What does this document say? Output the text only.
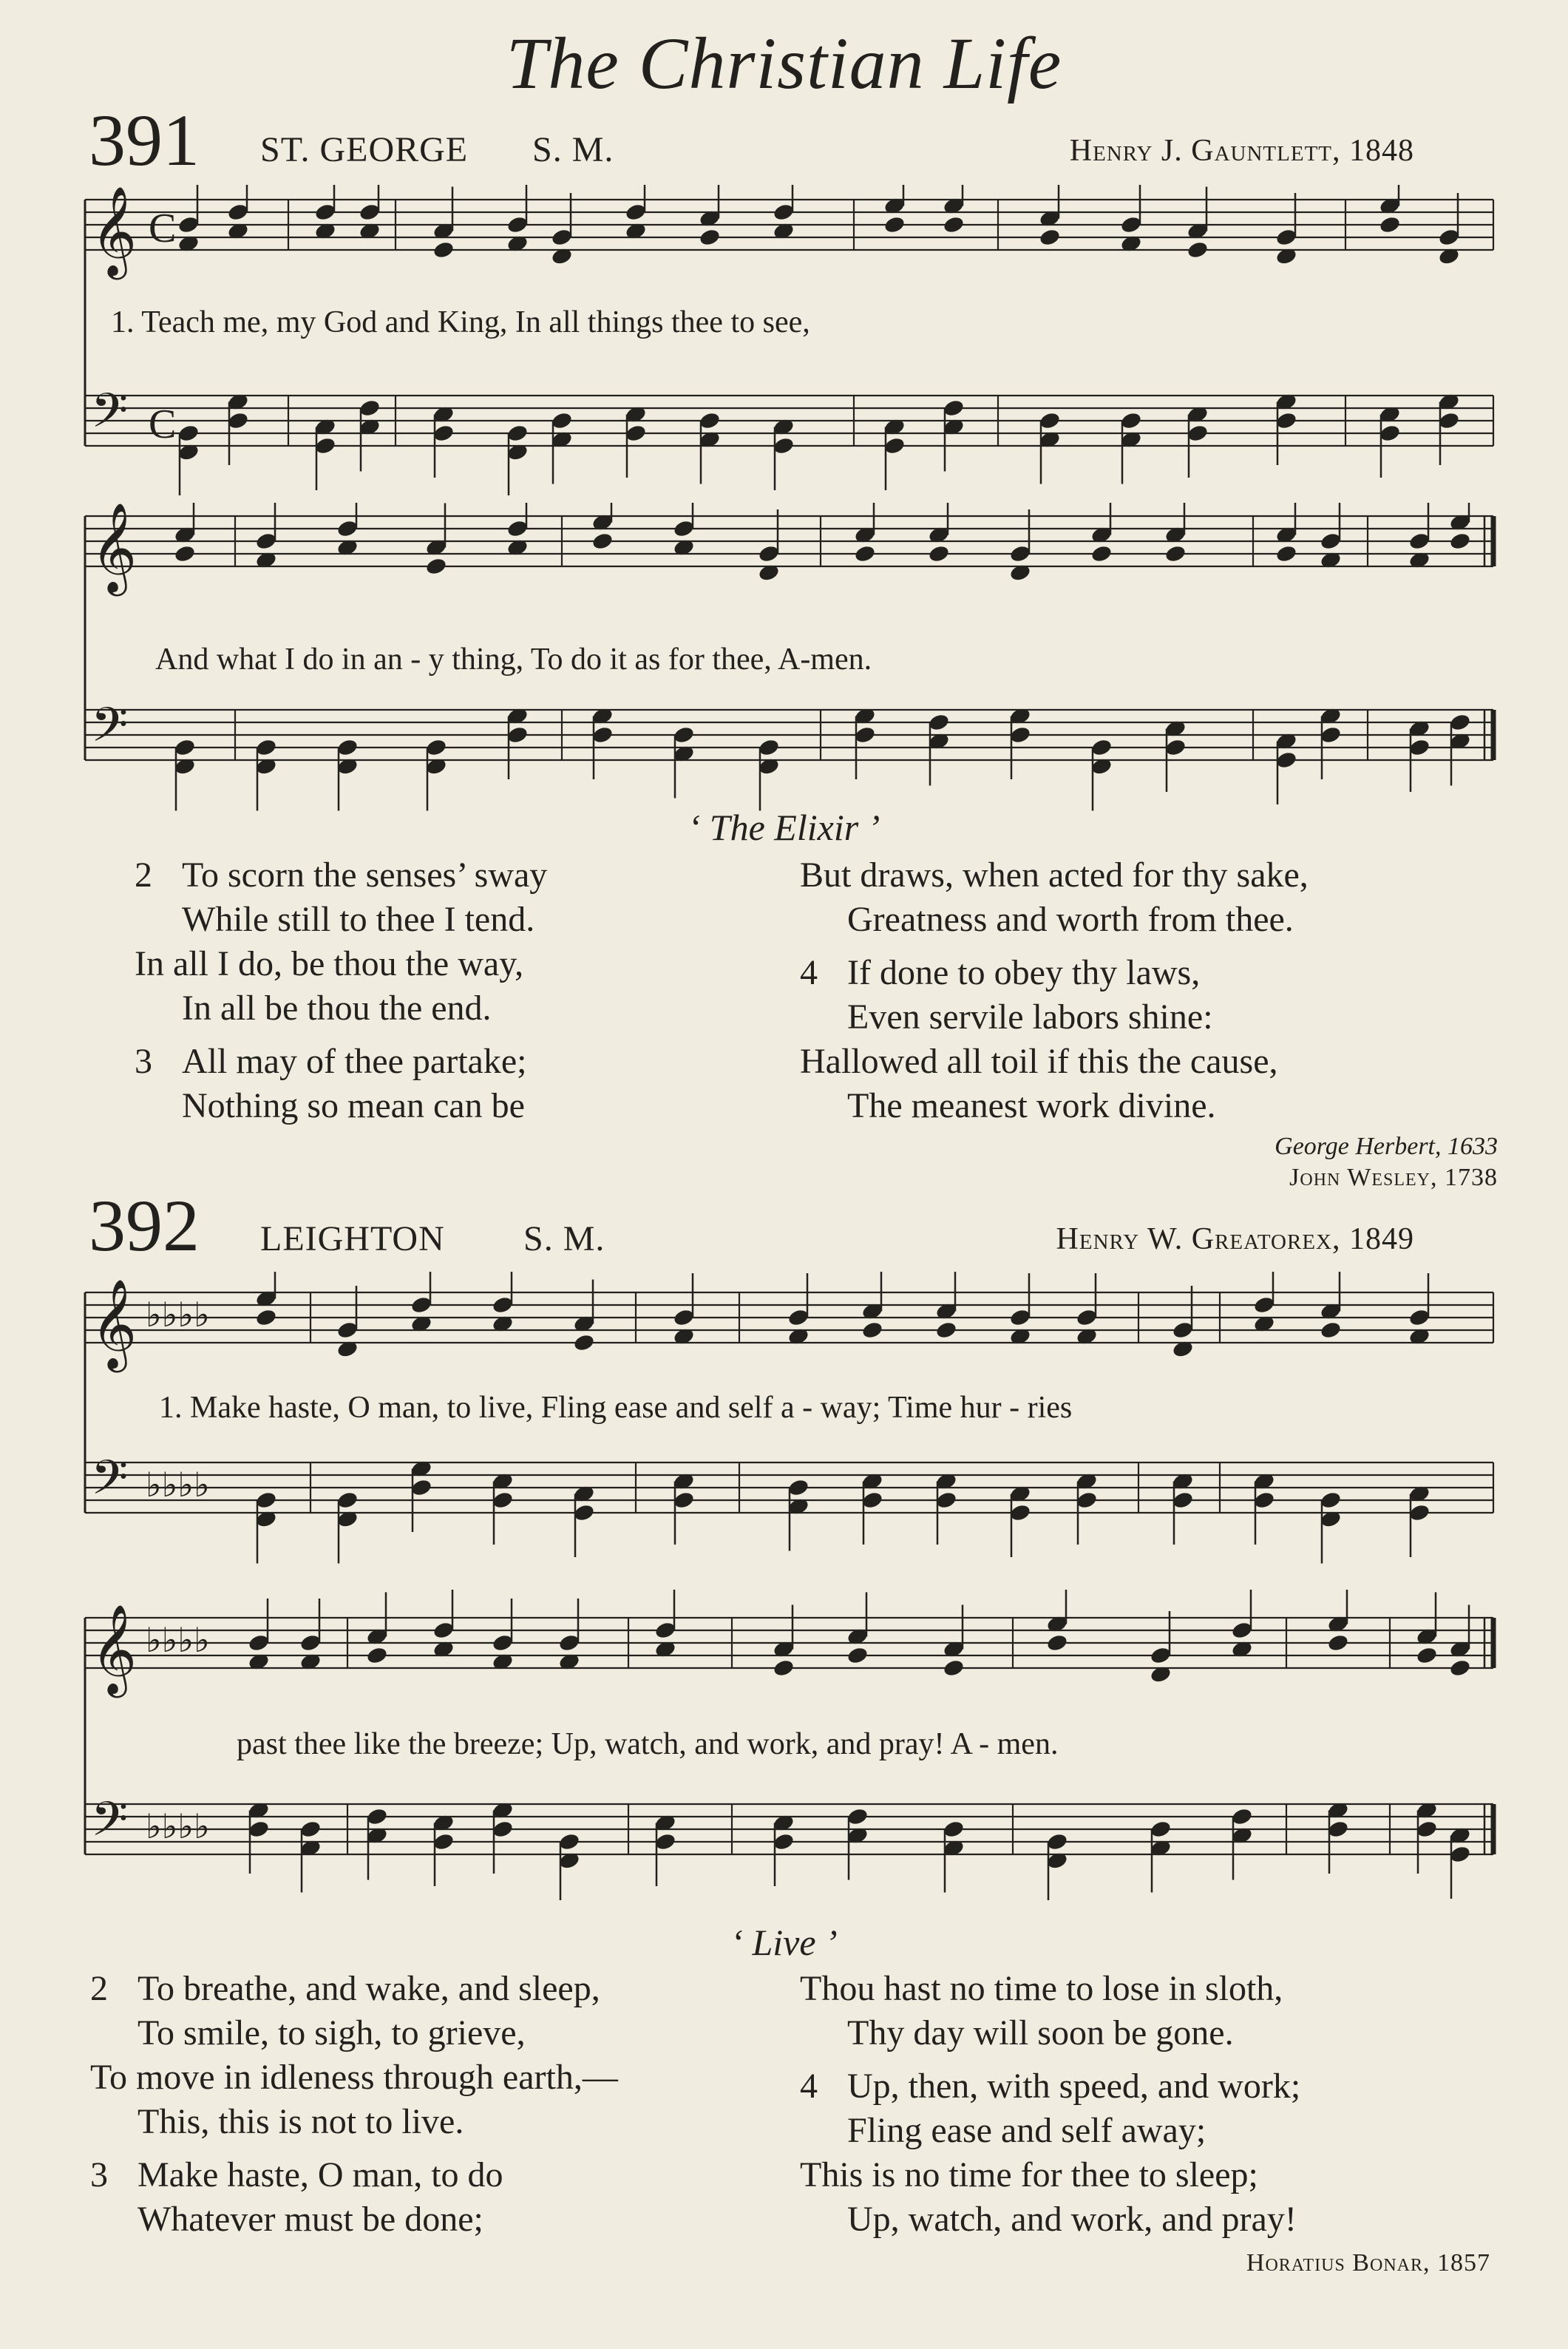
The Christian Life
391 ST. GEORGE S. M.	Henry J. Gauntlett, 1848
𝄞
𝄢
C
C
1. Teach me, my God and King, In all things thee to see,
𝄞
𝄢
And what I do in an - y thing, To do it as for thee, A-men.
‘ The Elixir ’
2 To scorn the senses’ sway
While still to thee I tend.
In all I do, be thou the way,
In all be thou the end.
3 All may of thee partake;
Nothing so mean can be
But draws, when acted for thy sake,
Greatness and worth from thee.
4 If done to obey thy laws,
Even servile labors shine:
Hallowed all toil if this the cause,
The meanest work divine.
George Herbert, 1633
John Wesley, 1738
392 LEIGHTON S. M.	Henry W. Greatorex, 1849
𝄞
𝄢
♭♭♭♭
♭♭♭♭
1. Make haste, O man, to live, Fling ease and self a - way; Time hur - ries
𝄞
𝄢
♭♭♭♭
♭♭♭♭
past thee like the breeze; Up, watch, and work, and pray! A - men.
‘ Live ’
2 To breathe, and wake, and sleep,
To smile, to sigh, to grieve,
To move in idleness through earth,—
This, this is not to live.
3 Make haste, O man, to do
Whatever must be done;
Thou hast no time to lose in sloth,
Thy day will soon be gone.
4 Up, then, with speed, and work;
Fling ease and self away;
This is no time for thee to sleep;
Up, watch, and work, and pray!
Horatius Bonar, 1857
